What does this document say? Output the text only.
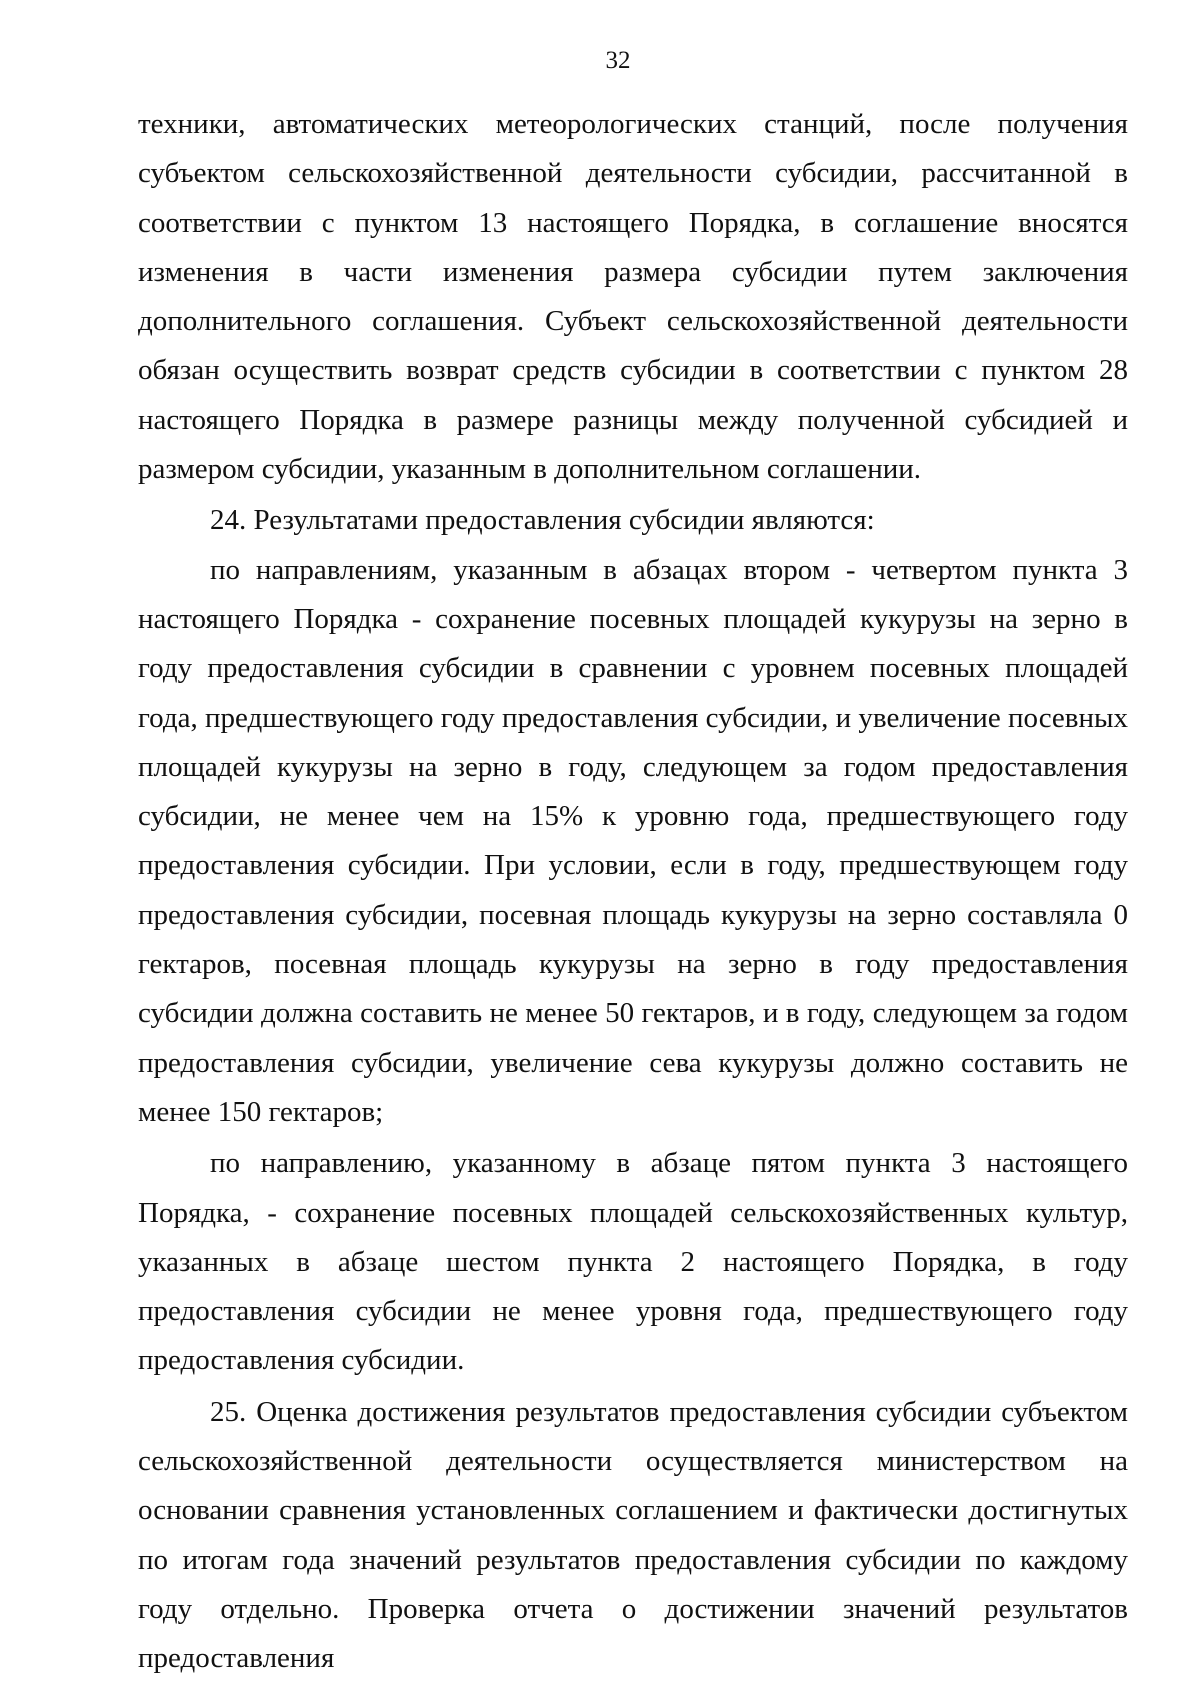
32

техники, автоматических метеорологических станций, после получения субъектом сельскохозяйственной деятельности субсидии, рассчитанной в соответствии с пунктом 13 настоящего Порядка, в соглашение вносятся изменения в части изменения размера субсидии путем заключения дополнительного соглашения. Субъект сельскохозяйственной деятельности обязан осуществить возврат средств субсидии в соответствии с пунктом 28 настоящего Порядка в размере разницы между полученной субсидией и размером субсидии, указанным в дополнительном соглашении.

24. Результатами предоставления субсидии являются:

по направлениям, указанным в абзацах втором - четвертом пункта 3 настоящего Порядка - сохранение посевных площадей кукурузы на зерно в году предоставления субсидии в сравнении с уровнем посевных площадей года, предшествующего году предоставления субсидии, и увеличение посевных площадей кукурузы на зерно в году, следующем за годом предоставления субсидии, не менее чем на 15% к уровню года, предшествующего году предоставления субсидии. При условии, если в году, предшествующем году предоставления субсидии, посевная площадь кукурузы на зерно составляла 0 гектаров, посевная площадь кукурузы на зерно в году предоставления субсидии должна составить не менее 50 гектаров, и в году, следующем за годом предоставления субсидии, увеличение сева кукурузы должно составить не менее 150 гектаров;

по направлению, указанному в абзаце пятом пункта 3 настоящего Порядка, - сохранение посевных площадей сельскохозяйственных культур, указанных в абзаце шестом пункта 2 настоящего Порядка, в году предоставления субсидии не менее уровня года, предшествующего году предоставления субсидии.

25. Оценка достижения результатов предоставления субсидии субъектом сельскохозяйственной деятельности осуществляется министерством на основании сравнения установленных соглашением и фактически достигнутых по итогам года значений результатов предоставления субсидии по каждому году отдельно. Проверка отчета о достижении значений результатов предоставления
